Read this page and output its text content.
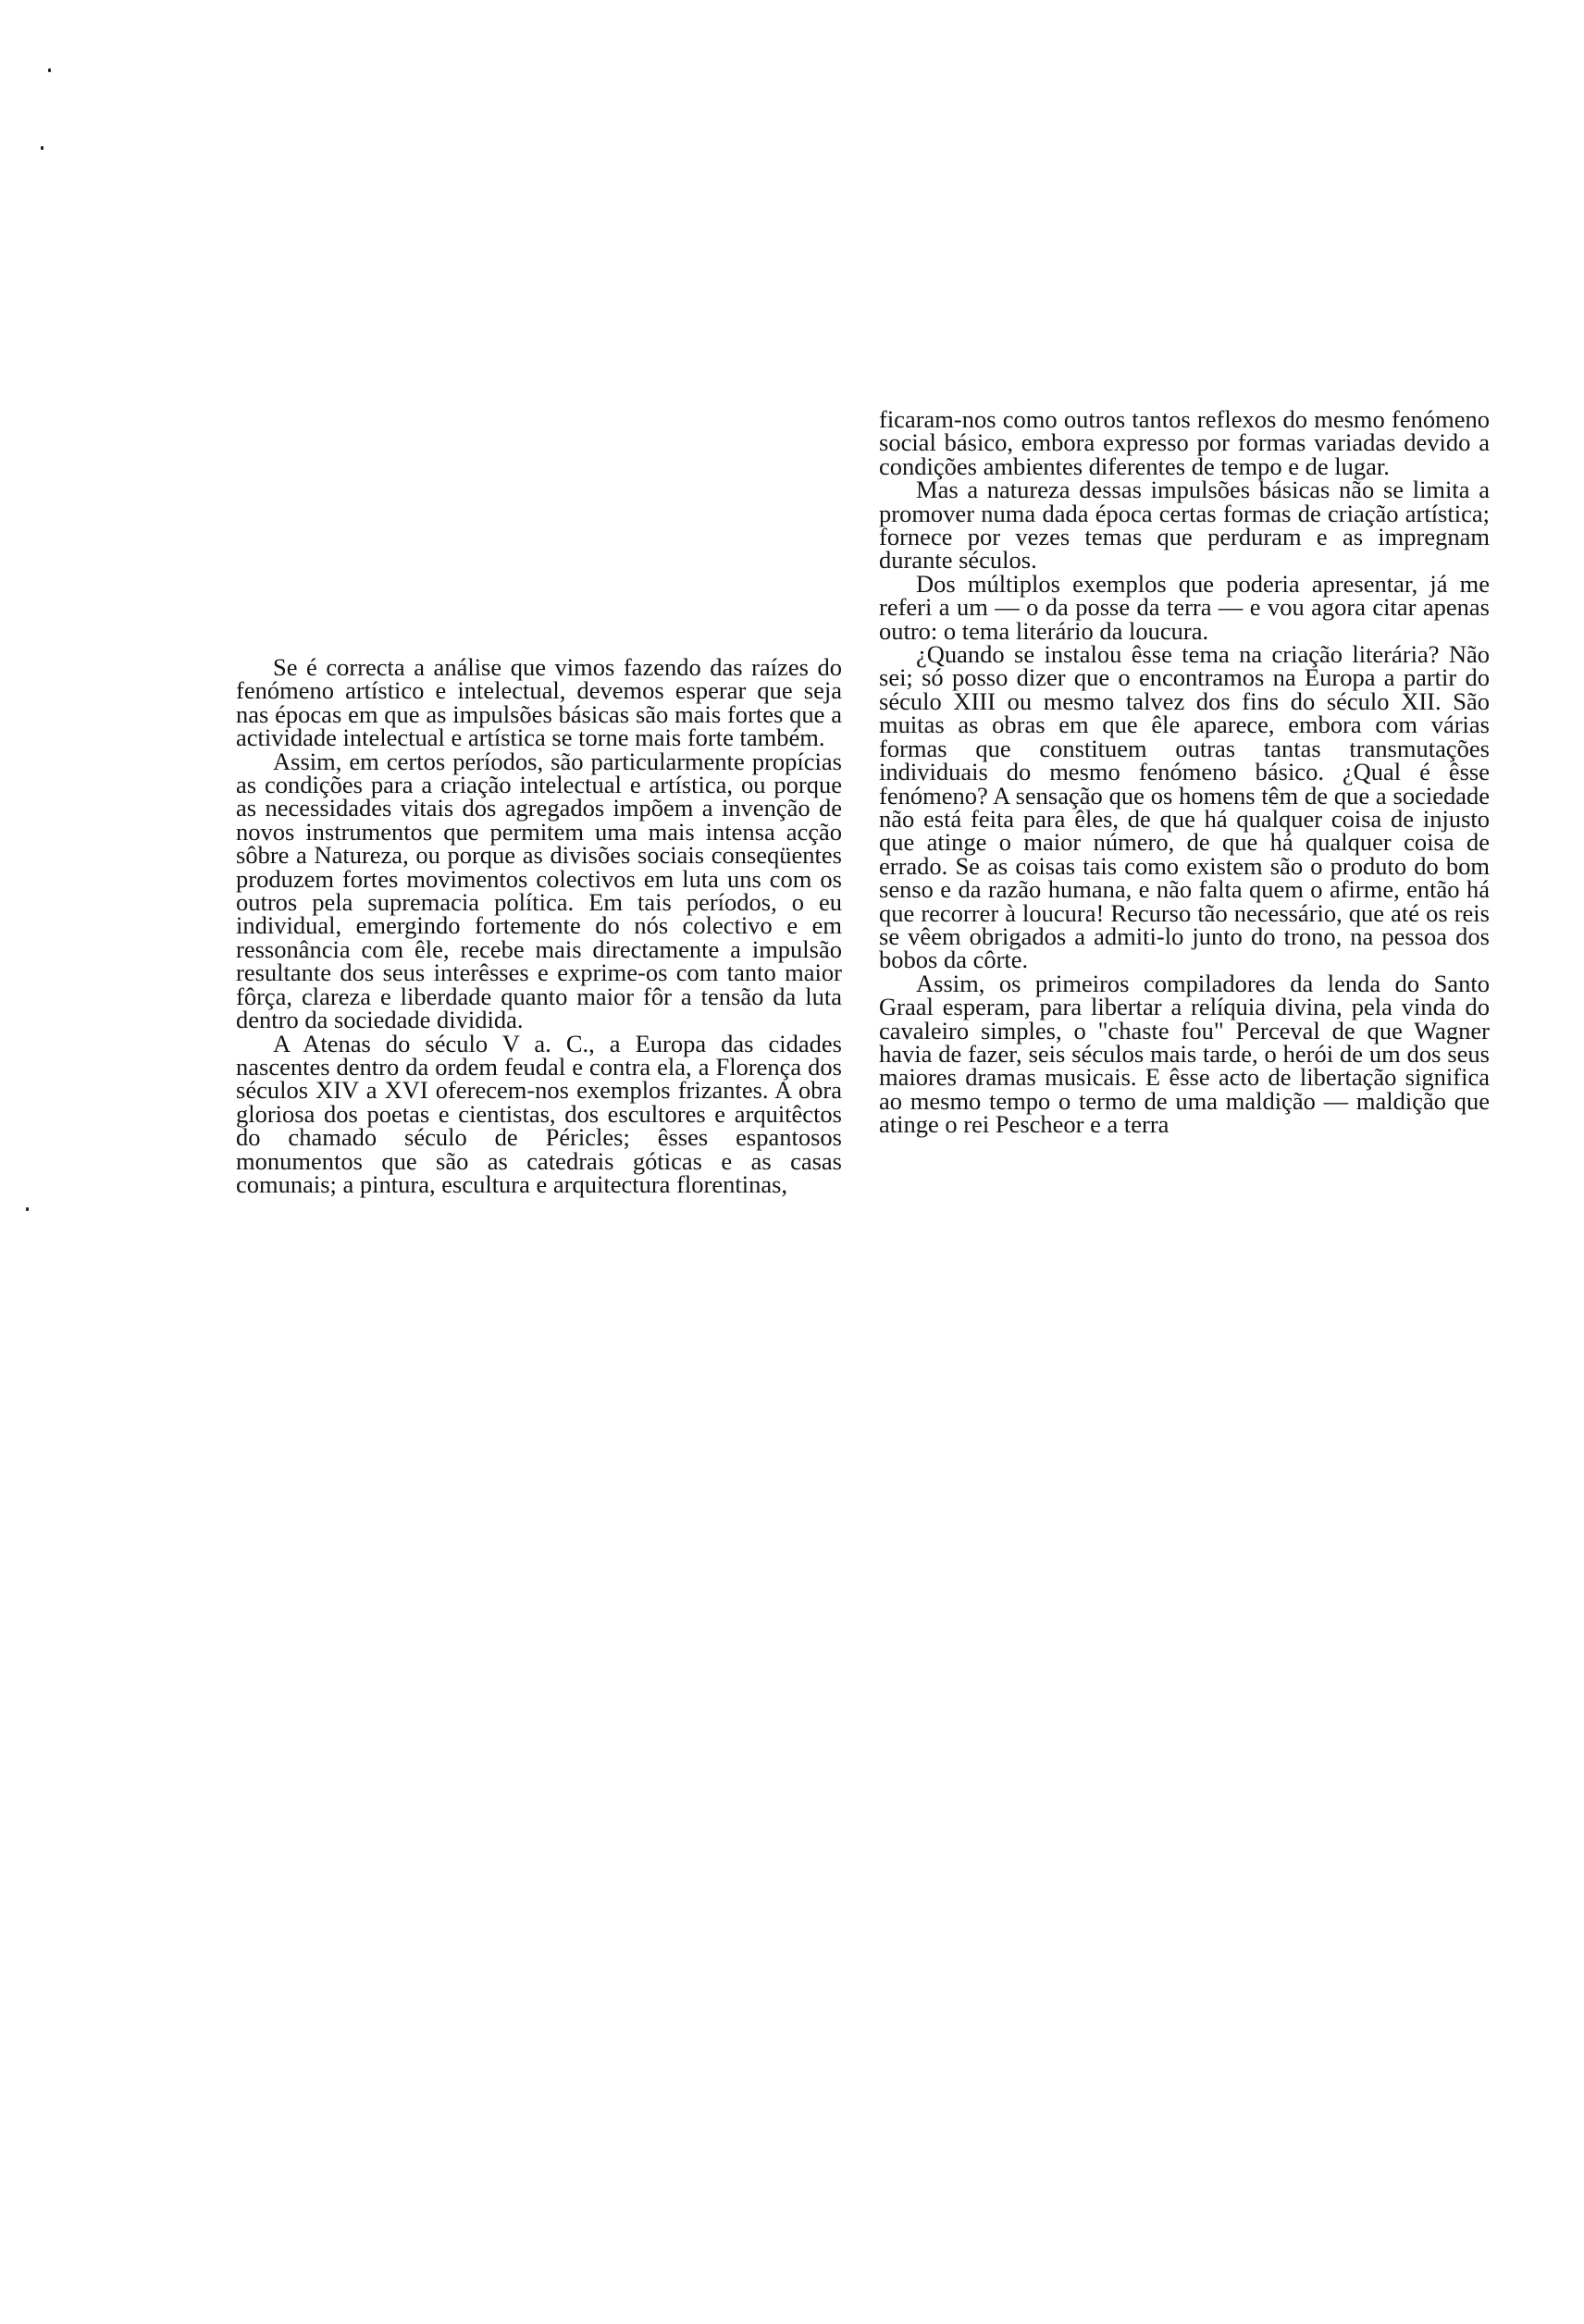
Se é correcta a análise que vimos fazendo das raízes do fenómeno artístico e intelectual, devemos esperar que seja nas épocas em que as impulsões básicas são mais fortes que a actividade intelectual e artística se torne mais forte também.

Assim, em certos períodos, são particularmente propícias as condições para a criação intelectual e artística, ou porque as necessidades vitais dos agregados impõem a invenção de novos instrumentos que permitem uma mais intensa acção sôbre a Natureza, ou porque as divisões sociais conseqüentes produzem fortes movimentos colectivos em luta uns com os outros pela supremacia política. Em tais períodos, o eu individual, emergindo fortemente do nós colectivo e em ressonância com êle, recebe mais directamente a impulsão resultante dos seus interêsses e exprime-os com tanto maior fôrça, clareza e liberdade quanto maior fôr a tensão da luta dentro da sociedade dividida.

A Atenas do século V a. C., a Europa das cidades nascentes dentro da ordem feudal e contra ela, a Florença dos séculos XIV a XVI oferecem-nos exemplos frizantes. A obra gloriosa dos poetas e cientistas, dos escultores e arquitêctos do chamado século de Péricles; êsses espantosos monumentos que são as catedrais góticas e as casas comunais; a pintura, escultura e arquitectura florentinas,

ficaram-nos como outros tantos reflexos do mesmo fenómeno social básico, embora expresso por formas variadas devido a condições ambientes diferentes de tempo e de lugar.

Mas a natureza dessas impulsões básicas não se limita a promover numa dada época certas formas de criação artística; fornece por vezes temas que perduram e as impregnam durante séculos.

Dos múltiplos exemplos que poderia apresentar, já me referi a um — o da posse da terra — e vou agora citar apenas outro: o tema literário da loucura.

¿Quando se instalou êsse tema na criação literária? Não sei; só posso dizer que o encontramos na Europa a partir do século XIII ou mesmo talvez dos fins do século XII. São muitas as obras em que êle aparece, embora com várias formas que constituem outras tantas transmutações individuais do mesmo fenómeno básico. ¿Qual é êsse fenómeno? A sensação que os homens têm de que a sociedade não está feita para êles, de que há qualquer coisa de injusto que atinge o maior número, de que há qualquer coisa de errado. Se as coisas tais como existem são o produto do bom senso e da razão humana, e não falta quem o afirme, então há que recorrer à loucura! Recurso tão necessário, que até os reis se vêem obrigados a admiti-lo junto do trono, na pessoa dos bobos da côrte.

Assim, os primeiros compiladores da lenda do Santo Graal esperam, para libertar a relíquia divina, pela vinda do cavaleiro simples, o "chaste fou" Perceval de que Wagner havia de fazer, seis séculos mais tarde, o herói de um dos seus maiores dramas musicais. E êsse acto de libertação significa ao mesmo tempo o termo de uma maldição — maldição que atinge o rei Pescheor e a terra
